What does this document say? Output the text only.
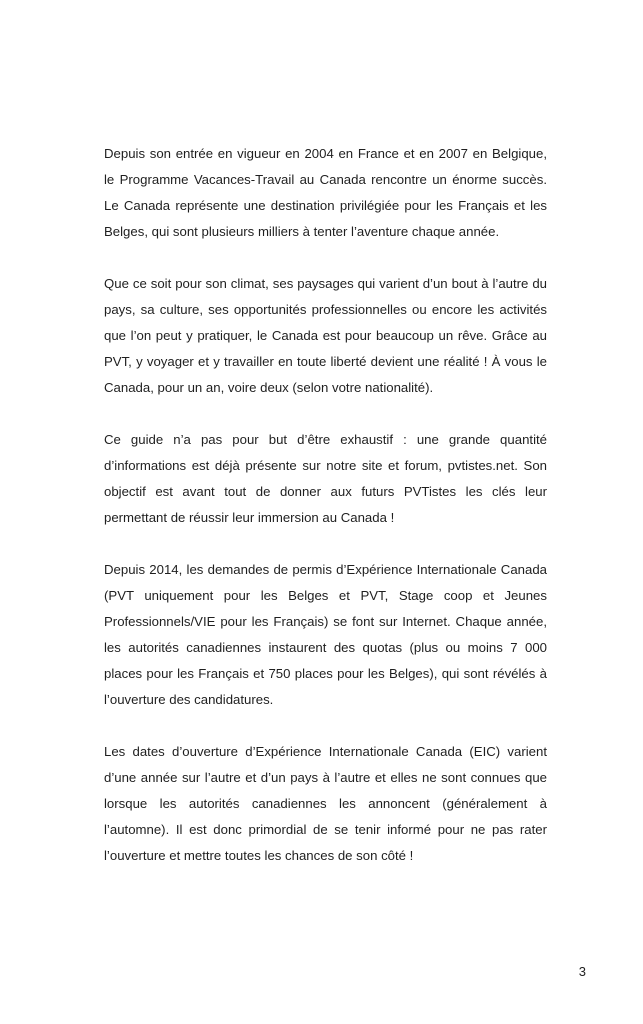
Depuis son entrée en vigueur en 2004 en France et en 2007 en Belgique, le Programme Vacances-Travail au Canada rencontre un énorme succès. Le Canada représente une destination privilégiée pour les Français et les Belges, qui sont plusieurs milliers à tenter l’aventure chaque année.

Que ce soit pour son climat, ses paysages qui varient d’un bout à l’autre du pays, sa culture, ses opportunités professionnelles ou encore les activités que l’on peut y pratiquer, le Canada est pour beaucoup un rêve. Grâce au PVT, y voyager et y travailler en toute liberté devient une réalité ! À vous le Canada, pour un an, voire deux (selon votre nationalité).

Ce guide n’a pas pour but d’être exhaustif : une grande quantité d’informations est déjà présente sur notre site et forum, pvtistes.net. Son objectif est avant tout de donner aux futurs PVTistes les clés leur permettant de réussir leur immersion au Canada !

Depuis 2014, les demandes de permis d’Expérience Internationale Canada (PVT uniquement pour les Belges et PVT, Stage coop et Jeunes Professionnels/VIE pour les Français) se font sur Internet. Chaque année, les autorités canadiennes instaurent des quotas (plus ou moins 7 000 places pour les Français et 750 places pour les Belges), qui sont révélés à l’ouverture des candidatures.

Les dates d’ouverture d’Expérience Internationale Canada (EIC) varient d’une année sur l’autre et d’un pays à l’autre et elles ne sont connues que lorsque les autorités canadiennes les annoncent (généralement à l’automne). Il est donc primordial de se tenir informé pour ne pas rater l’ouverture et mettre toutes les chances de son côté !

3
